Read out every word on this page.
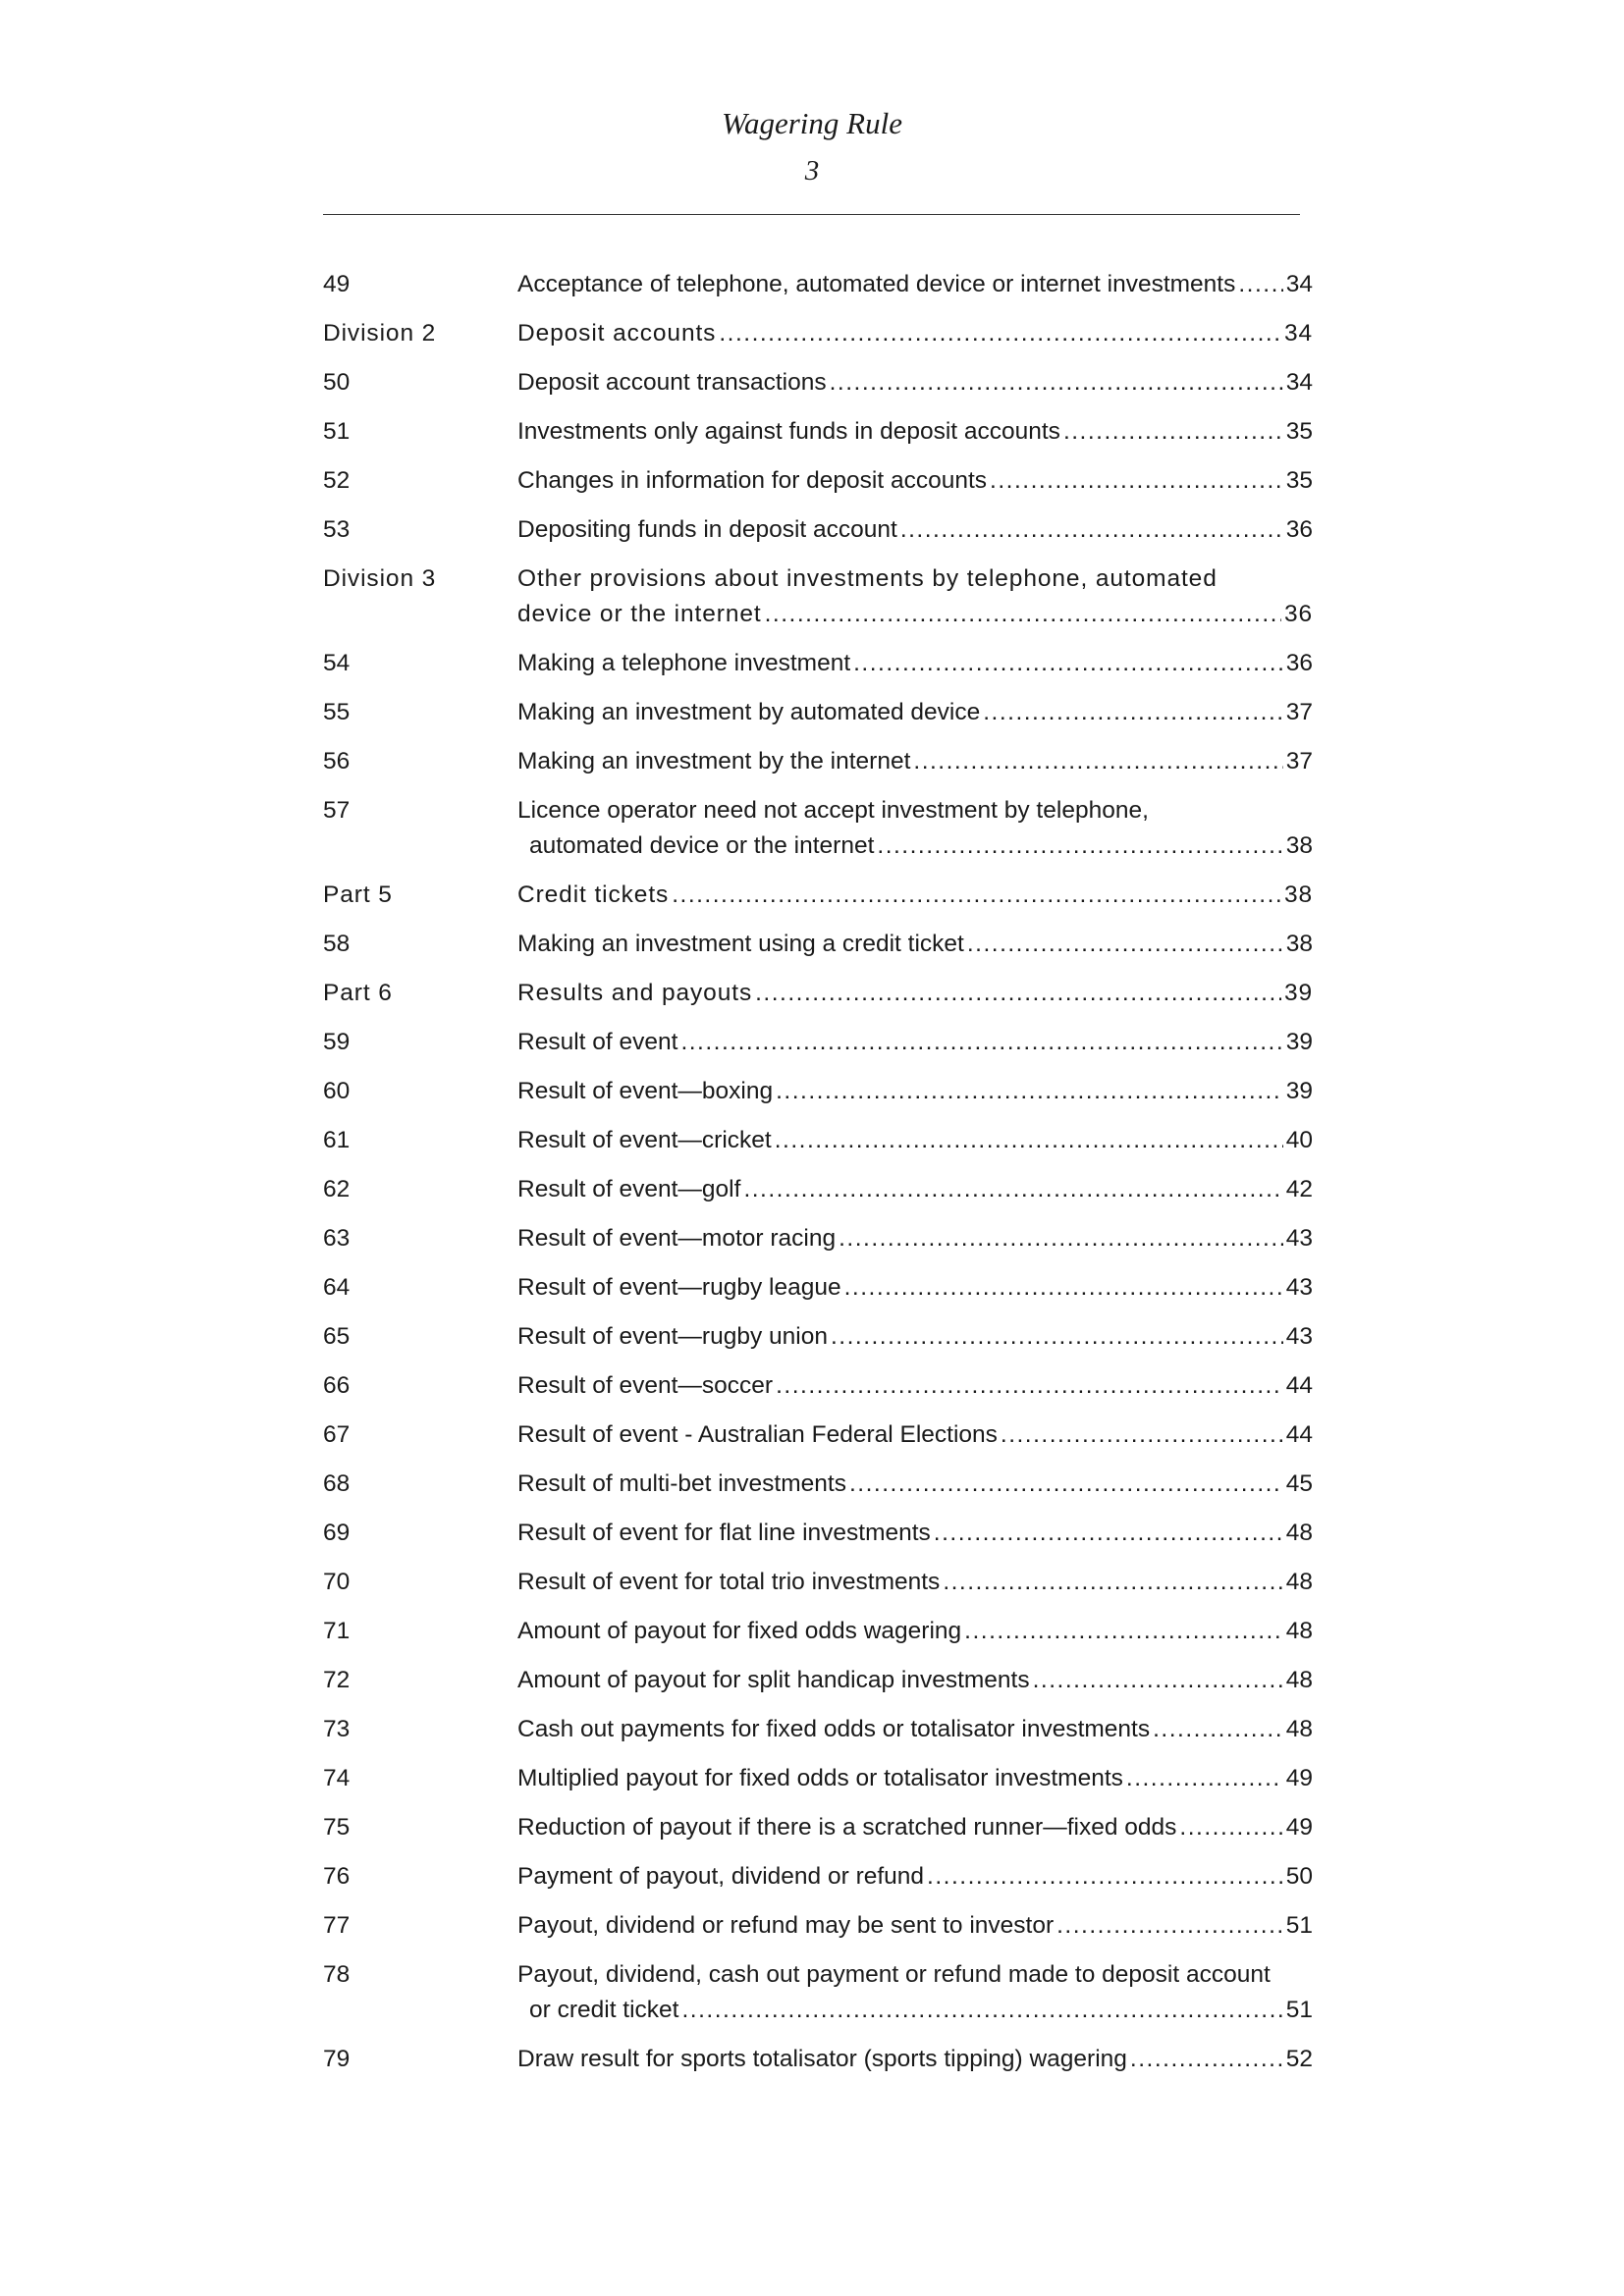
Wagering Rule
3
49	Acceptance of telephone, automated device or internet investments ..... 34
Division 2	Deposit accounts .....	34
50	Deposit account transactions .....	34
51	Investments only against funds in deposit accounts .....	35
52	Changes in information for deposit accounts .....	35
53	Depositing funds in deposit account .....	36
Division 3	Other provisions about investments by telephone, automated
device or the internet .....	36
54	Making a telephone investment .....	36
55	Making an investment by automated device .....	37
56	Making an investment by the internet .....	37
57	Licence operator need not accept investment by telephone,
automated device or the internet .....	38
Part 5	Credit tickets .....	38
58	Making an investment using a credit ticket .....	38
Part 6	Results and payouts .....	39
59	Result of event .....	39
60	Result of event—boxing .....	39
61	Result of event—cricket .....	40
62	Result of event—golf .....	42
63	Result of event—motor racing .....	43
64	Result of event—rugby league .....	43
65	Result of event—rugby union .....	43
66	Result of event—soccer .....	44
67	Result of event - Australian Federal Elections .....	44
68	Result of multi-bet investments .....	45
69	Result of event for flat line investments .....	48
70	Result of event for total trio investments .....	48
71	Amount of payout for fixed odds wagering .....	48
72	Amount of payout for split handicap investments .....	48
73	Cash out payments for fixed odds or totalisator investments .....	48
74	Multiplied payout for fixed odds or totalisator investments .....	49
75	Reduction of payout if there is a scratched runner—fixed odds .....	49
76	Payment of payout, dividend or refund .....	50
77	Payout, dividend or refund may be sent to investor .....	51
78	Payout, dividend, cash out payment or refund made to deposit account
or credit ticket .....	51
79	Draw result for sports totalisator (sports tipping) wagering .....	52
